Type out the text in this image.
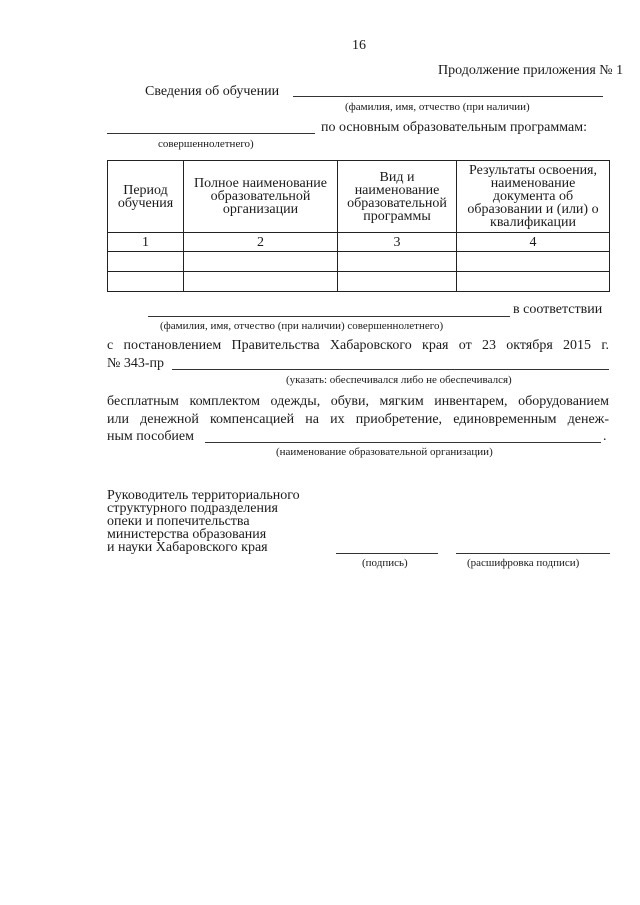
16
Продолжение приложения № 1
Сведения об обучении
(фамилия, имя, отчество (при наличии)
по основным образовательным программам:
совершеннолетнего)
Период обучения	Полное наименование образовательной организации	Вид и наименование образовательной программы	Результаты освоения, наименование документа об образовании и (или) о квалификации
1	2	3	4

в соответствии
(фамилия, имя, отчество (при наличии) совершеннолетнего)
с постановлением Правительства Хабаровского края от 23 октября 2015 г.
№ 343-пр
(указать: обеспечивался либо не обеспечивался)
бесплатным комплектом одежды, обуви, мягким инвентарем, оборудованием
или денежной компенсацией на их приобретение, единовременным денеж-
ным пособием	.
(наименование образовательной организации)
Руководитель территориального
структурного подразделения
опеки и попечительства
министерства образования
и науки Хабаровского края
(подпись)	(расшифровка подписи)
